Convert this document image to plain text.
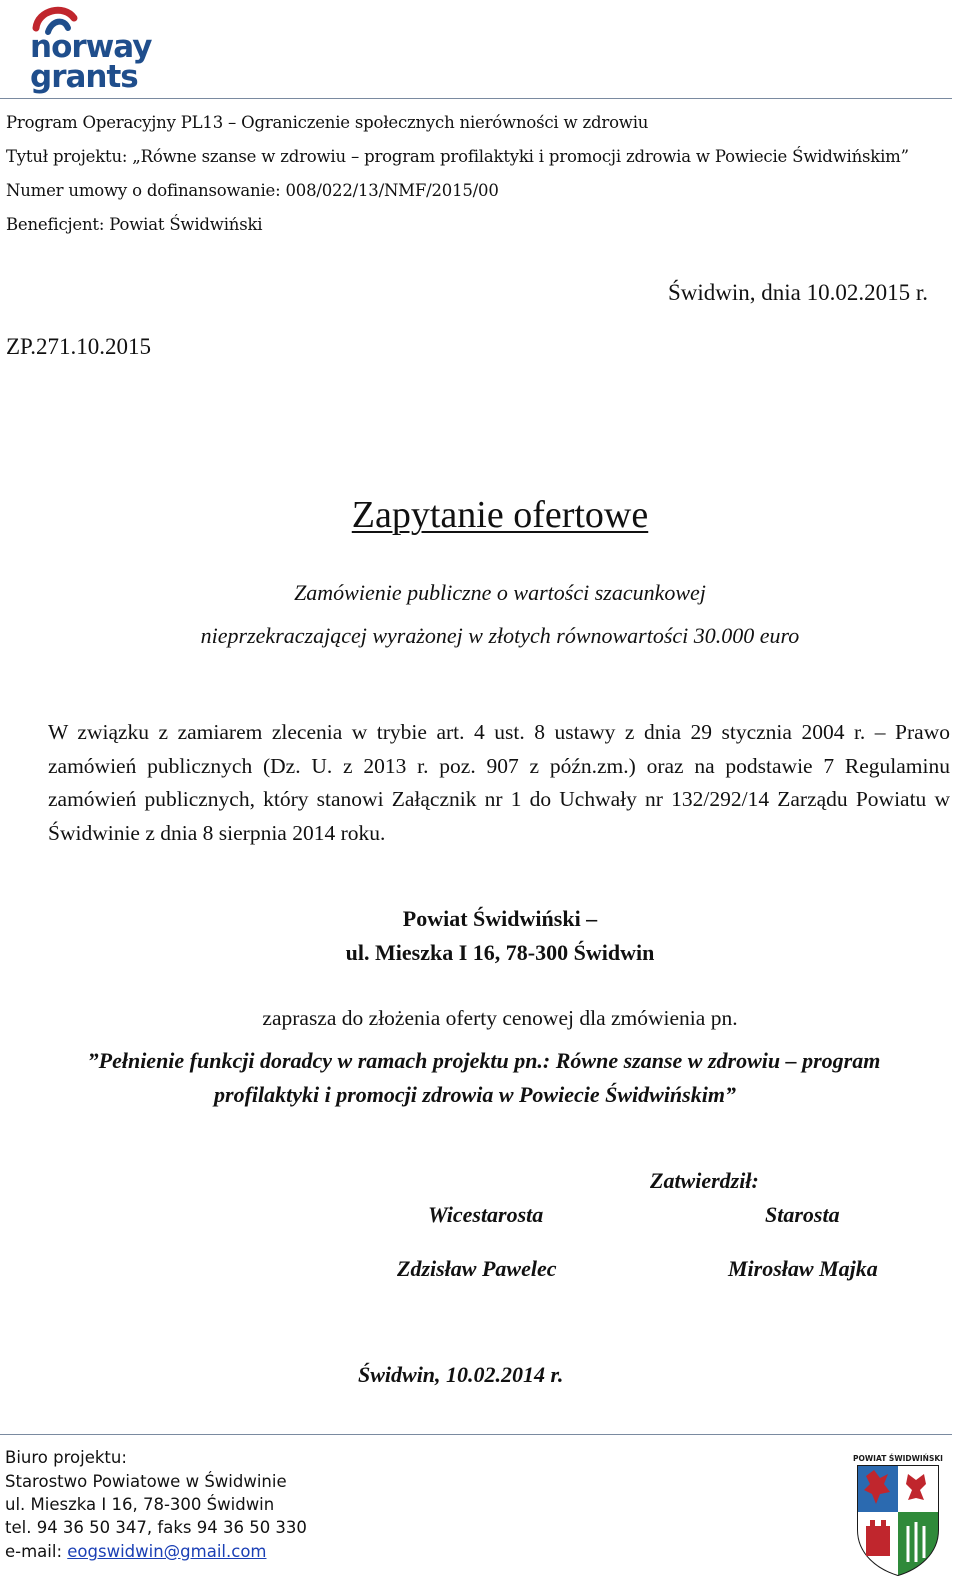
norway
grants
Program Operacyjny PL13 – Ograniczenie społecznych nierówności w zdrowiu
Tytuł projektu: „Równe szanse w zdrowiu – program profilaktyki i promocji zdrowia w Powiecie Świdwińskim”
Numer umowy o dofinansowanie: 008/022/13/NMF/2015/00
Beneficjent: Powiat Świdwiński
Świdwin, dnia 10.02.2015 r.
ZP.271.10.2015
Zapytanie ofertowe
Zamówienie publiczne o wartości szacunkowej
nieprzekraczającej wyrażonej w złotych równowartości 30.000 euro
W związku z zamiarem zlecenia w trybie art. 4 ust. 8 ustawy z dnia 29 stycznia 2004 r. – Prawo zamówień publicznych (Dz. U. z 2013 r. poz. 907 z późn.zm.) oraz na podstawie 7 Regulaminu zamówień publicznych, który stanowi Załącznik nr 1 do Uchwały nr 132/292/14 Zarządu Powiatu w Świdwinie z dnia 8 sierpnia 2014 roku.
Powiat Świdwiński –
ul. Mieszka I 16, 78-300 Świdwin
zaprasza do złożenia oferty cenowej dla zmówienia pn.
”Pełnienie funkcji doradcy w ramach projektu pn.: Równe szanse w zdrowiu – program
profilaktyki i promocji zdrowia w Powiecie Świdwińskim”
Zatwierdził:
Wicestarosta	Starosta
Zdzisław Pawelec	Mirosław Majka
Świdwin, 10.02.2014 r.
Biuro projektu:
Starostwo Powiatowe w Świdwinie
ul. Mieszka I 16, 78-300 Świdwin
tel. 94 36 50 347, faks 94 36 50 330
e-mail: eogswidwin@gmail.com
POWIAT ŚWIDWIŃSKI
